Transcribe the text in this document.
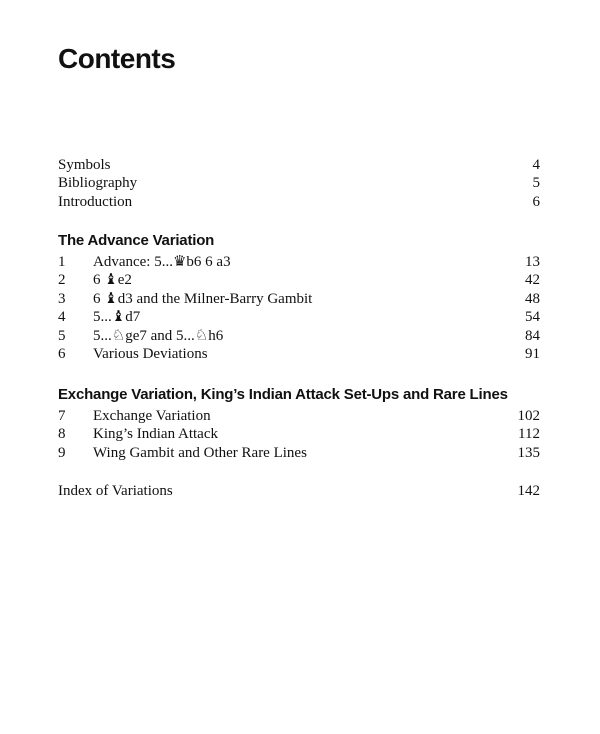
Contents
Symbols	4
Bibliography	5
Introduction	6
The Advance Variation
1 Advance: 5...♛b6 6 a3	13
2 6 ♝e2	42
3 6 ♝d3 and the Milner-Barry Gambit	48
4 5...♝d7	54
5 5...♘ge7 and 5...♘h6	84
6 Various Deviations	91
Exchange Variation, King’s Indian Attack Set-Ups and Rare Lines
7 Exchange Variation	102
8 King’s Indian Attack	112
9 Wing Gambit and Other Rare Lines	135
Index of Variations	142
